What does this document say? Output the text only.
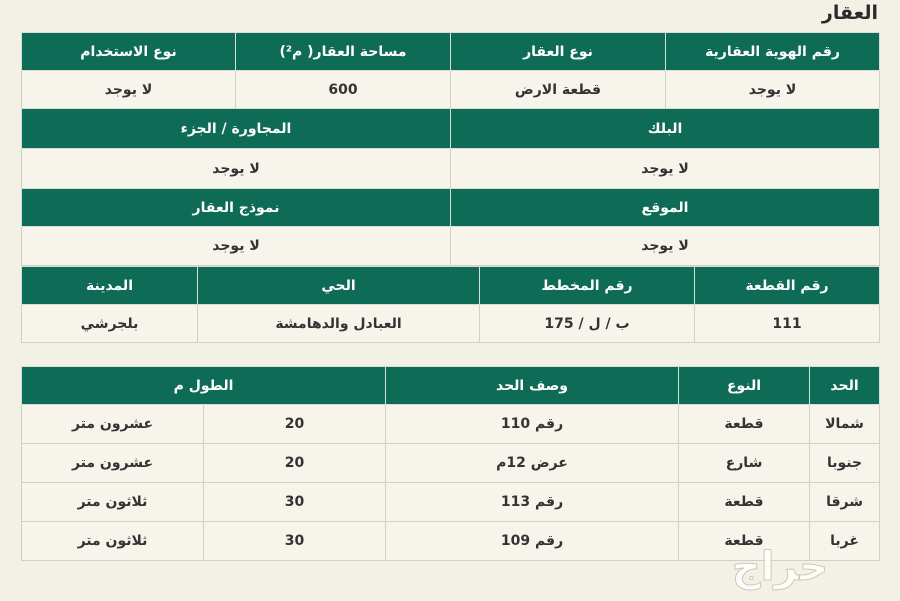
العقار
رقم الهوية العقارية	نوع العقار	مساحة العقار( م²)	نوع الاستخدام
لا يوجد	قطعة الارض	600	لا يوجد
البلك	المجاورة / الجزء
لا يوجد	لا يوجد
الموقع	نموذج العقار
لا يوجد	لا يوجد
رقم القطعة	رقم المخطط	الحي	المدينة
111	ب / ل / 175	العبادل والدهامشة	بلجرشي
الحد	النوع	وصف الحد	الطول م	
شمالا	قطعة	رقم 110	20	عشرون متر
جنوبا	شارع	عرض 12م	20	عشرون متر
شرقا	قطعة	رقم 113	30	ثلاثون متر
غربا	قطعة	رقم 109	30	ثلاثون متر
حراج
